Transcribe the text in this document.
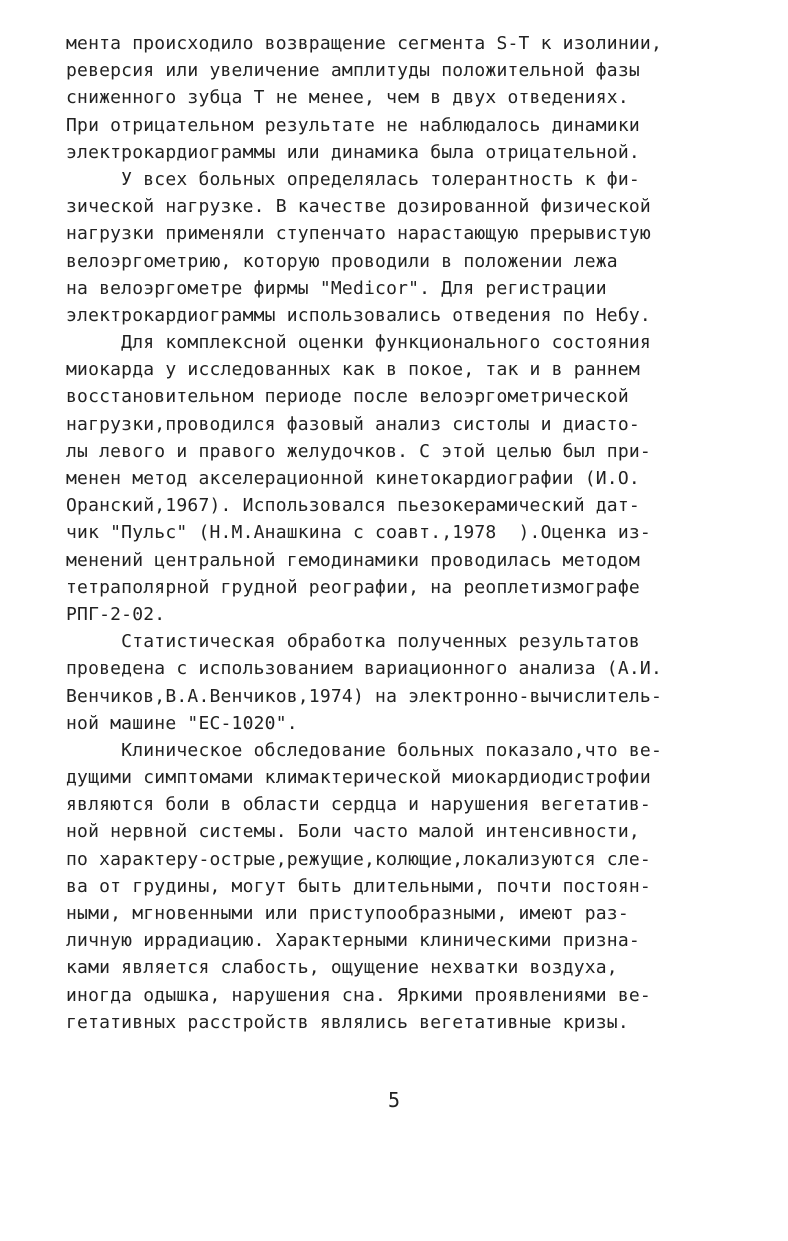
мента происходило возвращение сегмента S-T к изолинии,
реверсия или увеличение амплитуды положительной фазы
сниженного зубца Т не менее, чем в двух отведениях.
При отрицательном результате не наблюдалось динамики
электрокардиограммы или динамика была отрицательной.
У всех больных определялась толерантность к фи-
зической нагрузке. В качестве дозированной физической
нагрузки применяли ступенчато нарастающую прерывистую
велоэргометрию, которую проводили в положении лежа
на велоэргометре фирмы "Medicor". Для регистрации
электрокардиограммы использовались отведения по Небу.
Для комплексной оценки функционального состояния
миокарда у исследованных как в покое, так и в раннем
восстановительном периоде после велоэргометрической
нагрузки,проводился фазовый анализ систолы и диасто-
лы левого и правого желудочков. С этой целью был при-
менен метод акселерационной кинетокардиографии (И.О.
Оранский,1967). Использовался пьезокерамический дат-
чик "Пульс" (Н.М.Анашкина с соавт.,1978  ).Оценка из-
менений центральной гемодинамики проводилась методом
тетраполярной грудной реографии, на реоплетизмографе
РПГ-2-02.
Статистическая обработка полученных результатов
проведена с использованием вариационного анализа (А.И.
Венчиков,В.А.Венчиков,1974) на электронно-вычислитель-
ной машине "ЕС-1020".
Клиническое обследование больных показало,что ве-
дущими симптомами климактерической миокардиодистрофии
являются боли в области сердца и нарушения вегетатив-
ной нервной системы. Боли часто малой интенсивности,
по характеру-острые,режущие,колющие,локализуются сле-
ва от грудины, могут быть длительными, почти постоян-
ными, мгновенными или приступообразными, имеют раз-
личную иррадиацию. Характерными клиническими призна-
ками является слабость, ощущение нехватки воздуха,
иногда одышка, нарушения сна. Яркими проявлениями ве-
гетативных расстройств являлись вегетативные кризы.
5
